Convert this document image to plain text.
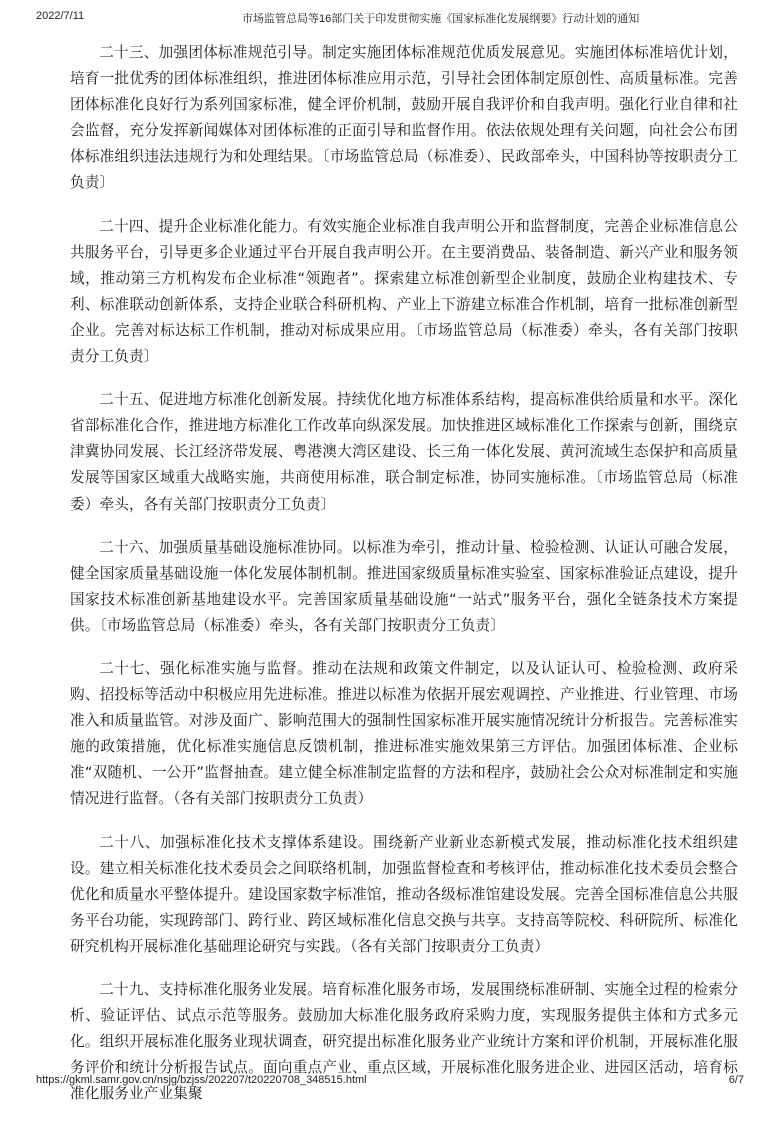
2022/7/11	市场监管总局等16部门关于印发贯彻实施《国家标准化发展纲要》行动计划的通知

二十三、加强团体标准规范引导。制定实施团体标准规范优质发展意见。实施团体标准培优计划，培育一批优秀的团体标准组织，推进团体标准应用示范，引导社会团体制定原创性、高质量标准。完善团体标准化良好行为系列国家标准，健全评价机制，鼓励开展自我评价和自我声明。强化行业自律和社会监督，充分发挥新闻媒体对团体标准的正面引导和监督作用。依法依规处理有关问题，向社会公布团体标准组织违法违规行为和处理结果。〔市场监管总局（标准委）、民政部牵头，中国科协等按职责分工负责〕

二十四、提升企业标准化能力。有效实施企业标准自我声明公开和监督制度，完善企业标准信息公共服务平台，引导更多企业通过平台开展自我声明公开。在主要消费品、装备制造、新兴产业和服务领域，推动第三方机构发布企业标准“领跑者”。探索建立标准创新型企业制度，鼓励企业构建技术、专利、标准联动创新体系，支持企业联合科研机构、产业上下游建立标准合作机制，培育一批标准创新型企业。完善对标达标工作机制，推动对标成果应用。〔市场监管总局（标准委）牵头，各有关部门按职责分工负责〕

二十五、促进地方标准化创新发展。持续优化地方标准体系结构，提高标准供给质量和水平。深化省部标准化合作，推进地方标准化工作改革向纵深发展。加快推进区域标准化工作探索与创新，围绕京津冀协同发展、长江经济带发展、粤港澳大湾区建设、长三角一体化发展、黄河流域生态保护和高质量发展等国家区域重大战略实施，共商使用标准，联合制定标准，协同实施标准。〔市场监管总局（标准委）牵头，各有关部门按职责分工负责〕

二十六、加强质量基础设施标准协同。以标准为牵引，推动计量、检验检测、认证认可融合发展，健全国家质量基础设施一体化发展体制机制。推进国家级质量标准实验室、国家标准验证点建设，提升国家技术标准创新基地建设水平。完善国家质量基础设施“一站式”服务平台，强化全链条技术方案提供。〔市场监管总局（标准委）牵头，各有关部门按职责分工负责〕

二十七、强化标准实施与监督。推动在法规和政策文件制定，以及认证认可、检验检测、政府采购、招投标等活动中积极应用先进标准。推进以标准为依据开展宏观调控、产业推进、行业管理、市场准入和质量监管。对涉及面广、影响范围大的强制性国家标准开展实施情况统计分析报告。完善标准实施的政策措施，优化标准实施信息反馈机制，推进标准实施效果第三方评估。加强团体标准、企业标准“双随机、一公开”监督抽查。建立健全标准制定监督的方法和程序，鼓励社会公众对标准制定和实施情况进行监督。（各有关部门按职责分工负责）

二十八、加强标准化技术支撑体系建设。围绕新产业新业态新模式发展，推动标准化技术组织建设。建立相关标准化技术委员会之间联络机制，加强监督检查和考核评估，推动标准化技术委员会整合优化和质量水平整体提升。建设国家数字标准馆，推动各级标准馆建设发展。完善全国标准信息公共服务平台功能，实现跨部门、跨行业、跨区域标准化信息交换与共享。支持高等院校、科研院所、标准化研究机构开展标准化基础理论研究与实践。（各有关部门按职责分工负责）

二十九、支持标准化服务业发展。培育标准化服务市场，发展围绕标准研制、实施全过程的检索分析、验证评估、试点示范等服务。鼓励加大标准化服务政府采购力度，实现服务提供主体和方式多元化。组织开展标准化服务业现状调查，研究提出标准化服务业产业统计方案和评价机制，开展标准化服务评价和统计分析报告试点。面向重点产业、重点区域，开展标准化服务进企业、进园区活动，培育标准化服务业产业集聚

https://gkml.samr.gov.cn/nsjg/bzjss/202207/t20220708_348515.html	6/7
